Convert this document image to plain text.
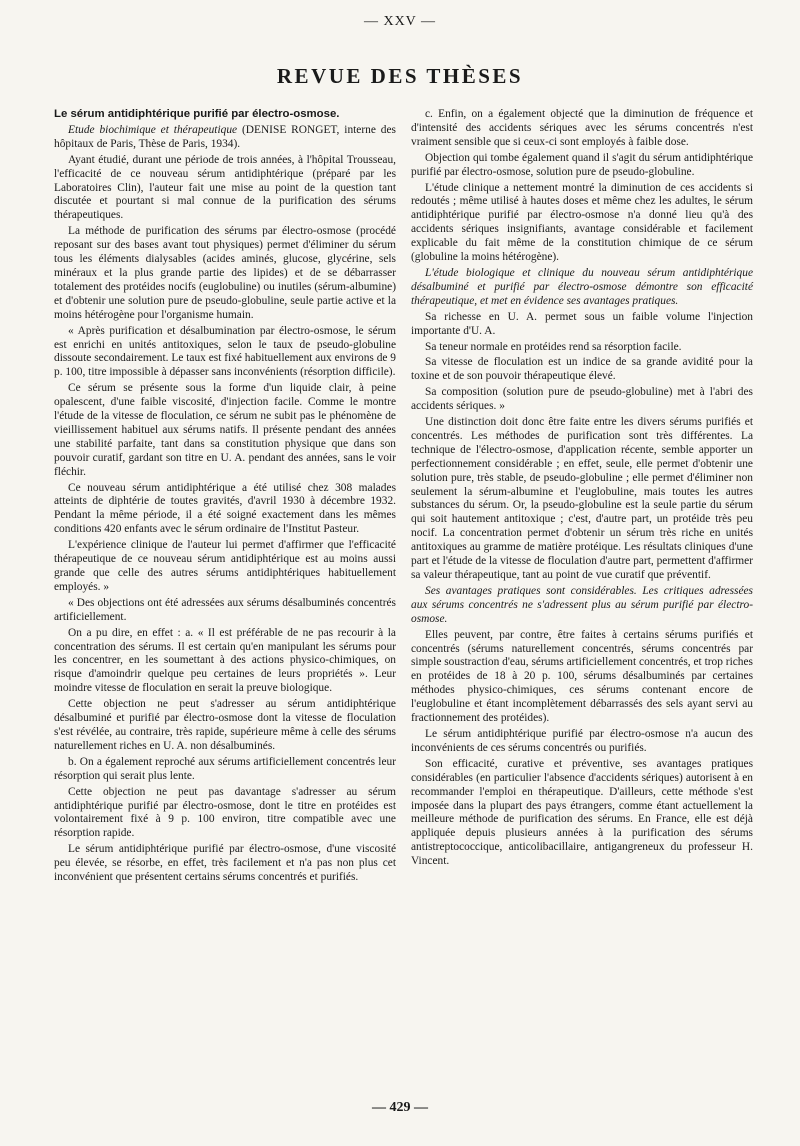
— XXV —
REVUE DES THÈSES

Le sérum antidiphtérique purifié par électro-osmose.

Etude biochimique et thérapeutique (DENISE RONGET, interne des hôpitaux de Paris, Thèse de Paris, 1934).

Ayant étudié, durant une période de trois années, à l'hôpital Trousseau, l'efficacité de ce nouveau sérum antidiphtérique (préparé par les Laboratoires Clin), l'auteur fait une mise au point de la question tant discutée et pourtant si mal connue de la purification des sérums thérapeutiques.

La méthode de purification des sérums par électro-osmose (procédé reposant sur des bases avant tout physiques) permet d'éliminer du sérum tous les éléments dialysables (acides aminés, glucose, glycérine, sels minéraux et la plus grande partie des lipides) et de se débarrasser totalement des protéides nocifs (euglobuline) ou inutiles (sérum-albumine) et d'obtenir une solution pure de pseudo-globuline, seule partie active et la moins hétérogène pour l'organisme humain.

« Après purification et désalbumination par électro-osmose, le sérum est enrichi en unités antitoxiques, selon le taux de pseudo-globuline dissoute secondairement. Le taux est fixé habituellement aux environs de 9 p. 100, titre impossible à dépasser sans inconvénients (résorption difficile).

Ce sérum se présente sous la forme d'un liquide clair, à peine opalescent, d'une faible viscosité, d'injection facile. Comme le montre l'étude de la vitesse de floculation, ce sérum ne subit pas le phénomène de vieillissement habituel aux sérums natifs. Il présente pendant des années une stabilité parfaite, tant dans sa constitution physique que dans son pouvoir curatif, gardant son titre en U. A. pendant des années, sans le voir fléchir.

Ce nouveau sérum antidiphtérique a été utilisé chez 308 malades atteints de diphtérie de toutes gravités, d'avril 1930 à décembre 1932. Pendant la même période, il a été soigné exactement dans les mêmes conditions 420 enfants avec le sérum ordinaire de l'Institut Pasteur.

L'expérience clinique de l'auteur lui permet d'affirmer que l'efficacité thérapeutique de ce nouveau sérum antidiphtérique est au moins aussi grande que celle des autres sérums antidiphtériques habituellement employés. »

« Des objections ont été adressées aux sérums désalbuminés concentrés artificiellement.

On a pu dire, en effet : a. « Il est préférable de ne pas recourir à la concentration des sérums. Il est certain qu'en manipulant les sérums pour les concentrer, en les soumettant à des actions physico-chimiques, on risque d'amoindrir quelque peu certaines de leurs propriétés ». Leur moindre vitesse de floculation en serait la preuve biologique.

Cette objection ne peut s'adresser au sérum antidiphtérique désalbuminé et purifié par électro-osmose dont la vitesse de floculation s'est révélée, au contraire, très rapide, supérieure même à celle des sérums naturellement riches en U. A. non désalbuminés.

b. On a également reproché aux sérums artificiellement concentrés leur résorption qui serait plus lente.

Cette objection ne peut pas davantage s'adresser au sérum antidiphtérique purifié par électro-osmose, dont le titre en protéides est volontairement fixé à 9 p. 100 environ, titre compatible avec une résorption rapide.

Le sérum antidiphtérique purifié par électro-osmose, d'une viscosité peu élevée, se résorbe, en effet, très facilement et n'a pas non plus cet inconvénient que présentent certains sérums concentrés et purifiés.

c. Enfin, on a également objecté que la diminution de fréquence et d'intensité des accidents sériques avec les sérums concentrés n'est vraiment sensible que si ceux-ci sont employés à faible dose.

Objection qui tombe également quand il s'agit du sérum antidiphtérique purifié par électro-osmose, solution pure de pseudo-globuline.

L'étude clinique a nettement montré la diminution de ces accidents si redoutés ; même utilisé à hautes doses et même chez les adultes, le sérum antidiphtérique purifié par électro-osmose n'a donné lieu qu'à des accidents sériques insignifiants, avantage considérable et facilement explicable du fait même de la constitution chimique de ce sérum (globuline la moins hétérogène).

L'étude biologique et clinique du nouveau sérum antidiphtérique désalbuminé et purifié par électro-osmose démontre son efficacité thérapeutique, et met en évidence ses avantages pratiques.

Sa richesse en U. A. permet sous un faible volume l'injection importante d'U. A.

Sa teneur normale en protéides rend sa résorption facile.

Sa vitesse de floculation est un indice de sa grande avidité pour la toxine et de son pouvoir thérapeutique élevé.

Sa composition (solution pure de pseudo-globuline) met à l'abri des accidents sériques. »

Une distinction doit donc être faite entre les divers sérums purifiés et concentrés. Les méthodes de purification sont très différentes. La technique de l'électro-osmose, d'application récente, semble apporter un perfectionnement considérable ; en effet, seule, elle permet d'obtenir une solution pure, très stable, de pseudo-globuline ; elle permet d'éliminer non seulement la sérum-albumine et l'euglobuline, mais toutes les autres substances du sérum. Or, la pseudo-globuline est la seule partie du sérum qui soit hautement antitoxique ; c'est, d'autre part, un protéide très peu nocif. La concentration permet d'obtenir un sérum très riche en unités antitoxiques au gramme de matière protéique. Les résultats cliniques d'une part et l'étude de la vitesse de floculation d'autre part, permettent d'affirmer sa valeur thérapeutique, tant au point de vue curatif que préventif.

Ses avantages pratiques sont considérables. Les critiques adressées aux sérums concentrés ne s'adressent plus au sérum purifié par électro-osmose.

Elles peuvent, par contre, être faites à certains sérums purifiés et concentrés (sérums naturellement concentrés, sérums concentrés par simple soustraction d'eau, sérums artificiellement concentrés, et trop riches en protéides de 18 à 20 p. 100, sérums désalbuminés par certaines méthodes physico-chimiques, ces sérums contenant encore de l'euglobuline et étant incomplètement débarrassés des sels ayant servi au fractionnement des protéides).

Le sérum antidiphtérique purifié par électro-osmose n'a aucun des inconvénients de ces sérums concentrés ou purifiés.

Son efficacité, curative et préventive, ses avantages pratiques considérables (en particulier l'absence d'accidents sériques) autorisent à en recommander l'emploi en thérapeutique. D'ailleurs, cette méthode s'est imposée dans la plupart des pays étrangers, comme étant actuellement la meilleure méthode de purification des sérums. En France, elle est déjà appliquée depuis plusieurs années à la purification des sérums antistreptococcique, anticolibacillaire, antigangreneux du professeur H. Vincent.

— 429 —
